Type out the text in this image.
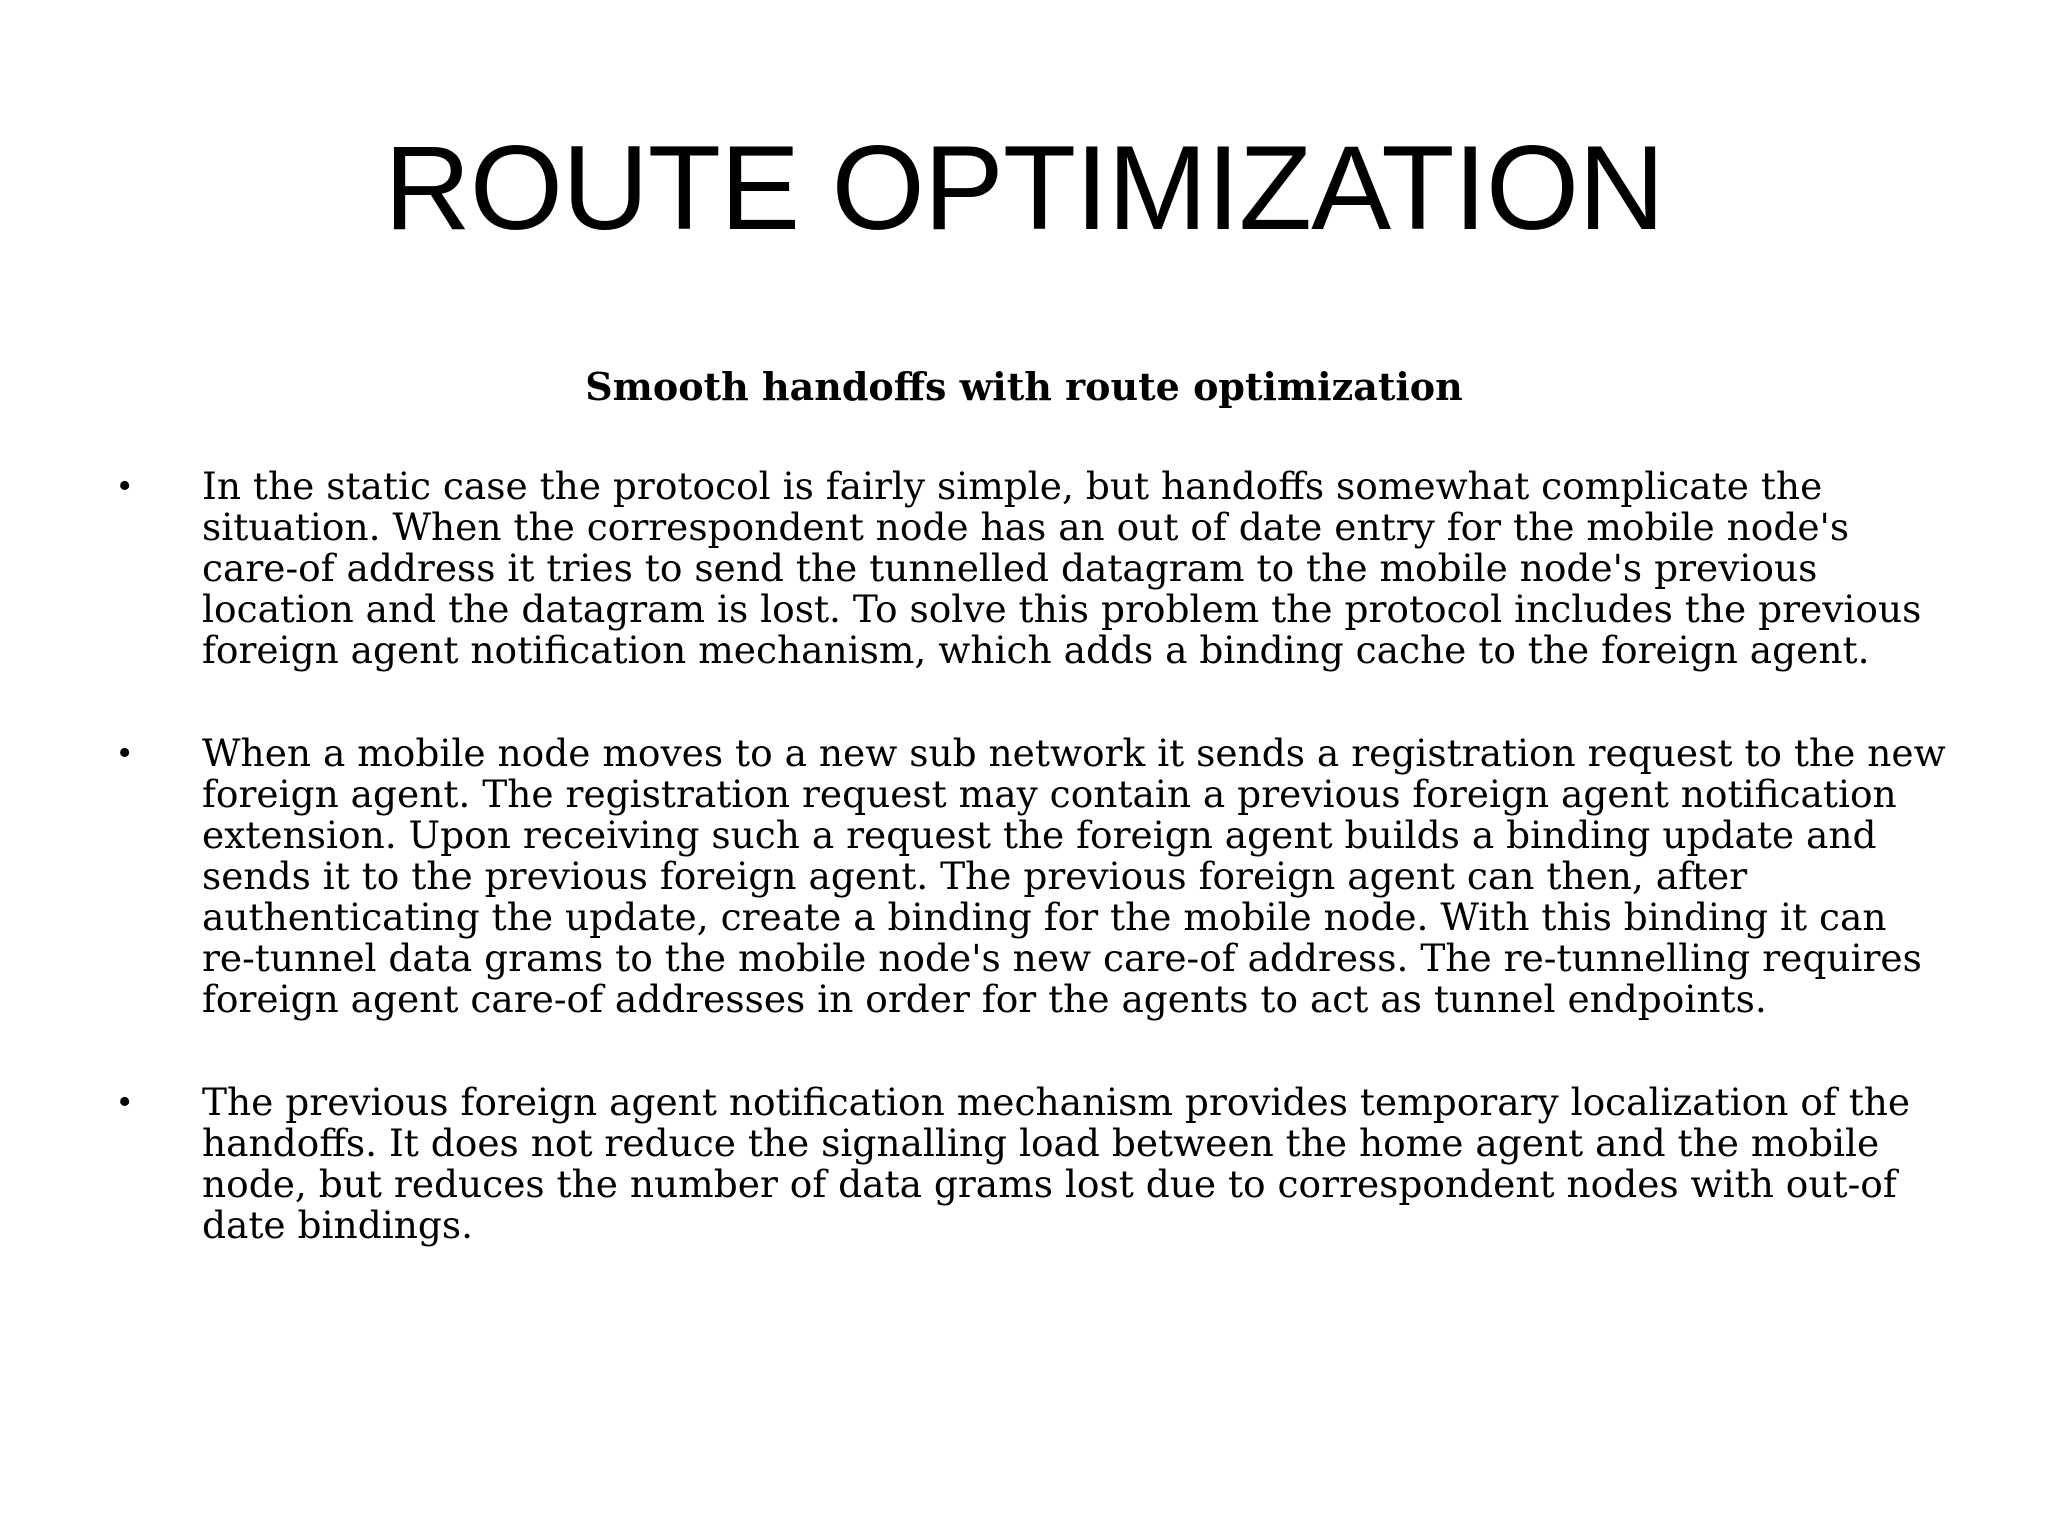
ROUTE OPTIMIZATION
Smooth handoffs with route optimization
•	In the static case the protocol is fairly simple, but handoffs somewhat complicate the situation. When the correspondent node has an out of date entry for the mobile node's care-of address it tries to send the tunnelled datagram to the mobile node's previous location and the datagram is lost. To solve this problem the protocol includes the previous foreign agent notification mechanism, which adds a binding cache to the foreign agent.

•	When a mobile node moves to a new sub network it sends a registration request to the new foreign agent. The registration request may contain a previous foreign agent notification extension. Upon receiving such a request the foreign agent builds a binding update and sends it to the previous foreign agent. The previous foreign agent can then, after authenticating the update, create a binding for the mobile node. With this binding it can re-tunnel data grams to the mobile node's new care-of address. The re-tunnelling requires foreign agent care-of addresses in order for the agents to act as tunnel endpoints.

•	The previous foreign agent notification mechanism provides temporary localization of the handoffs. It does not reduce the signalling load between the home agent and the mobile node, but reduces the number of data grams lost due to correspondent nodes with out-of date bindings.
